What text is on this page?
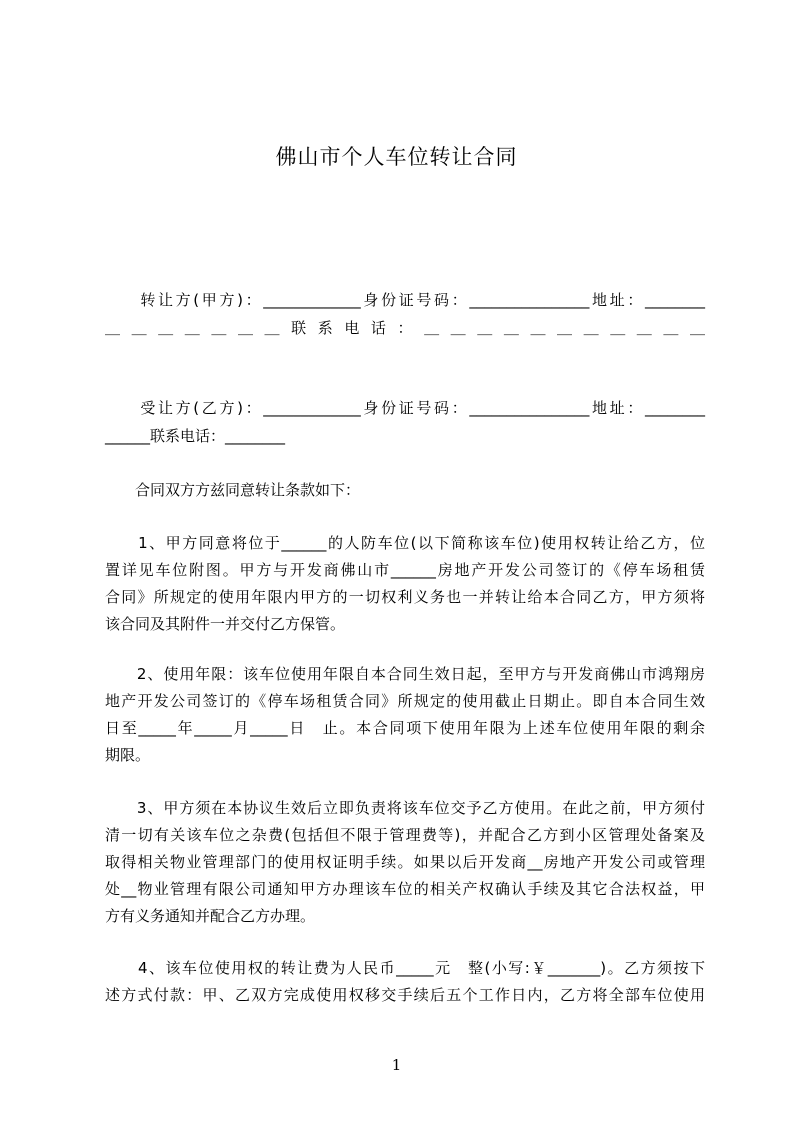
佛山市个人车位转让合同
　　转让方(甲方)：_____________身份证号码：________________地址：________
＿＿＿＿＿＿＿联系电话：＿＿＿＿＿＿＿＿＿＿＿
　　受让方(乙方)：_____________身份证号码：________________地址：________
______联系电话：________
　　合同双方方兹同意转让条款如下：
　　1、甲方同意将位于______的人防车位(以下简称该车位)使用权转让给乙方，位
置详见车位附图。甲方与开发商佛山市______房地产开发公司签订的《停车场租赁
合同》所规定的使用年限内甲方的一切权利义务也一并转让给本合同乙方，甲方须将
该合同及其附件一并交付乙方保管。
　　2、使用年限：该车位使用年限自本合同生效日起，至甲方与开发商佛山市鸿翔房
地产开发公司签订的《停车场租赁合同》所规定的使用截止日期止。即自本合同生效
日至_____年_____月_____日　止。本合同项下使用年限为上述车位使用年限的剩余
期限。
　　3、甲方须在本协议生效后立即负责将该车位交予乙方使用。在此之前，甲方须付
清一切有关该车位之杂费(包括但不限于管理费等)，并配合乙方到小区管理处备案及
取得相关物业管理部门的使用权证明手续。如果以后开发商__房地产开发公司或管理
处__物业管理有限公司通知甲方办理该车位的相关产权确认手续及其它合法权益，甲
方有义务通知并配合乙方办理。
　　4、该车位使用权的转让费为人民币_____元　整(小写:￥_______)。乙方须按下
述方式付款：甲、乙双方完成使用权移交手续后五个工作日内，乙方将全部车位使用
1
